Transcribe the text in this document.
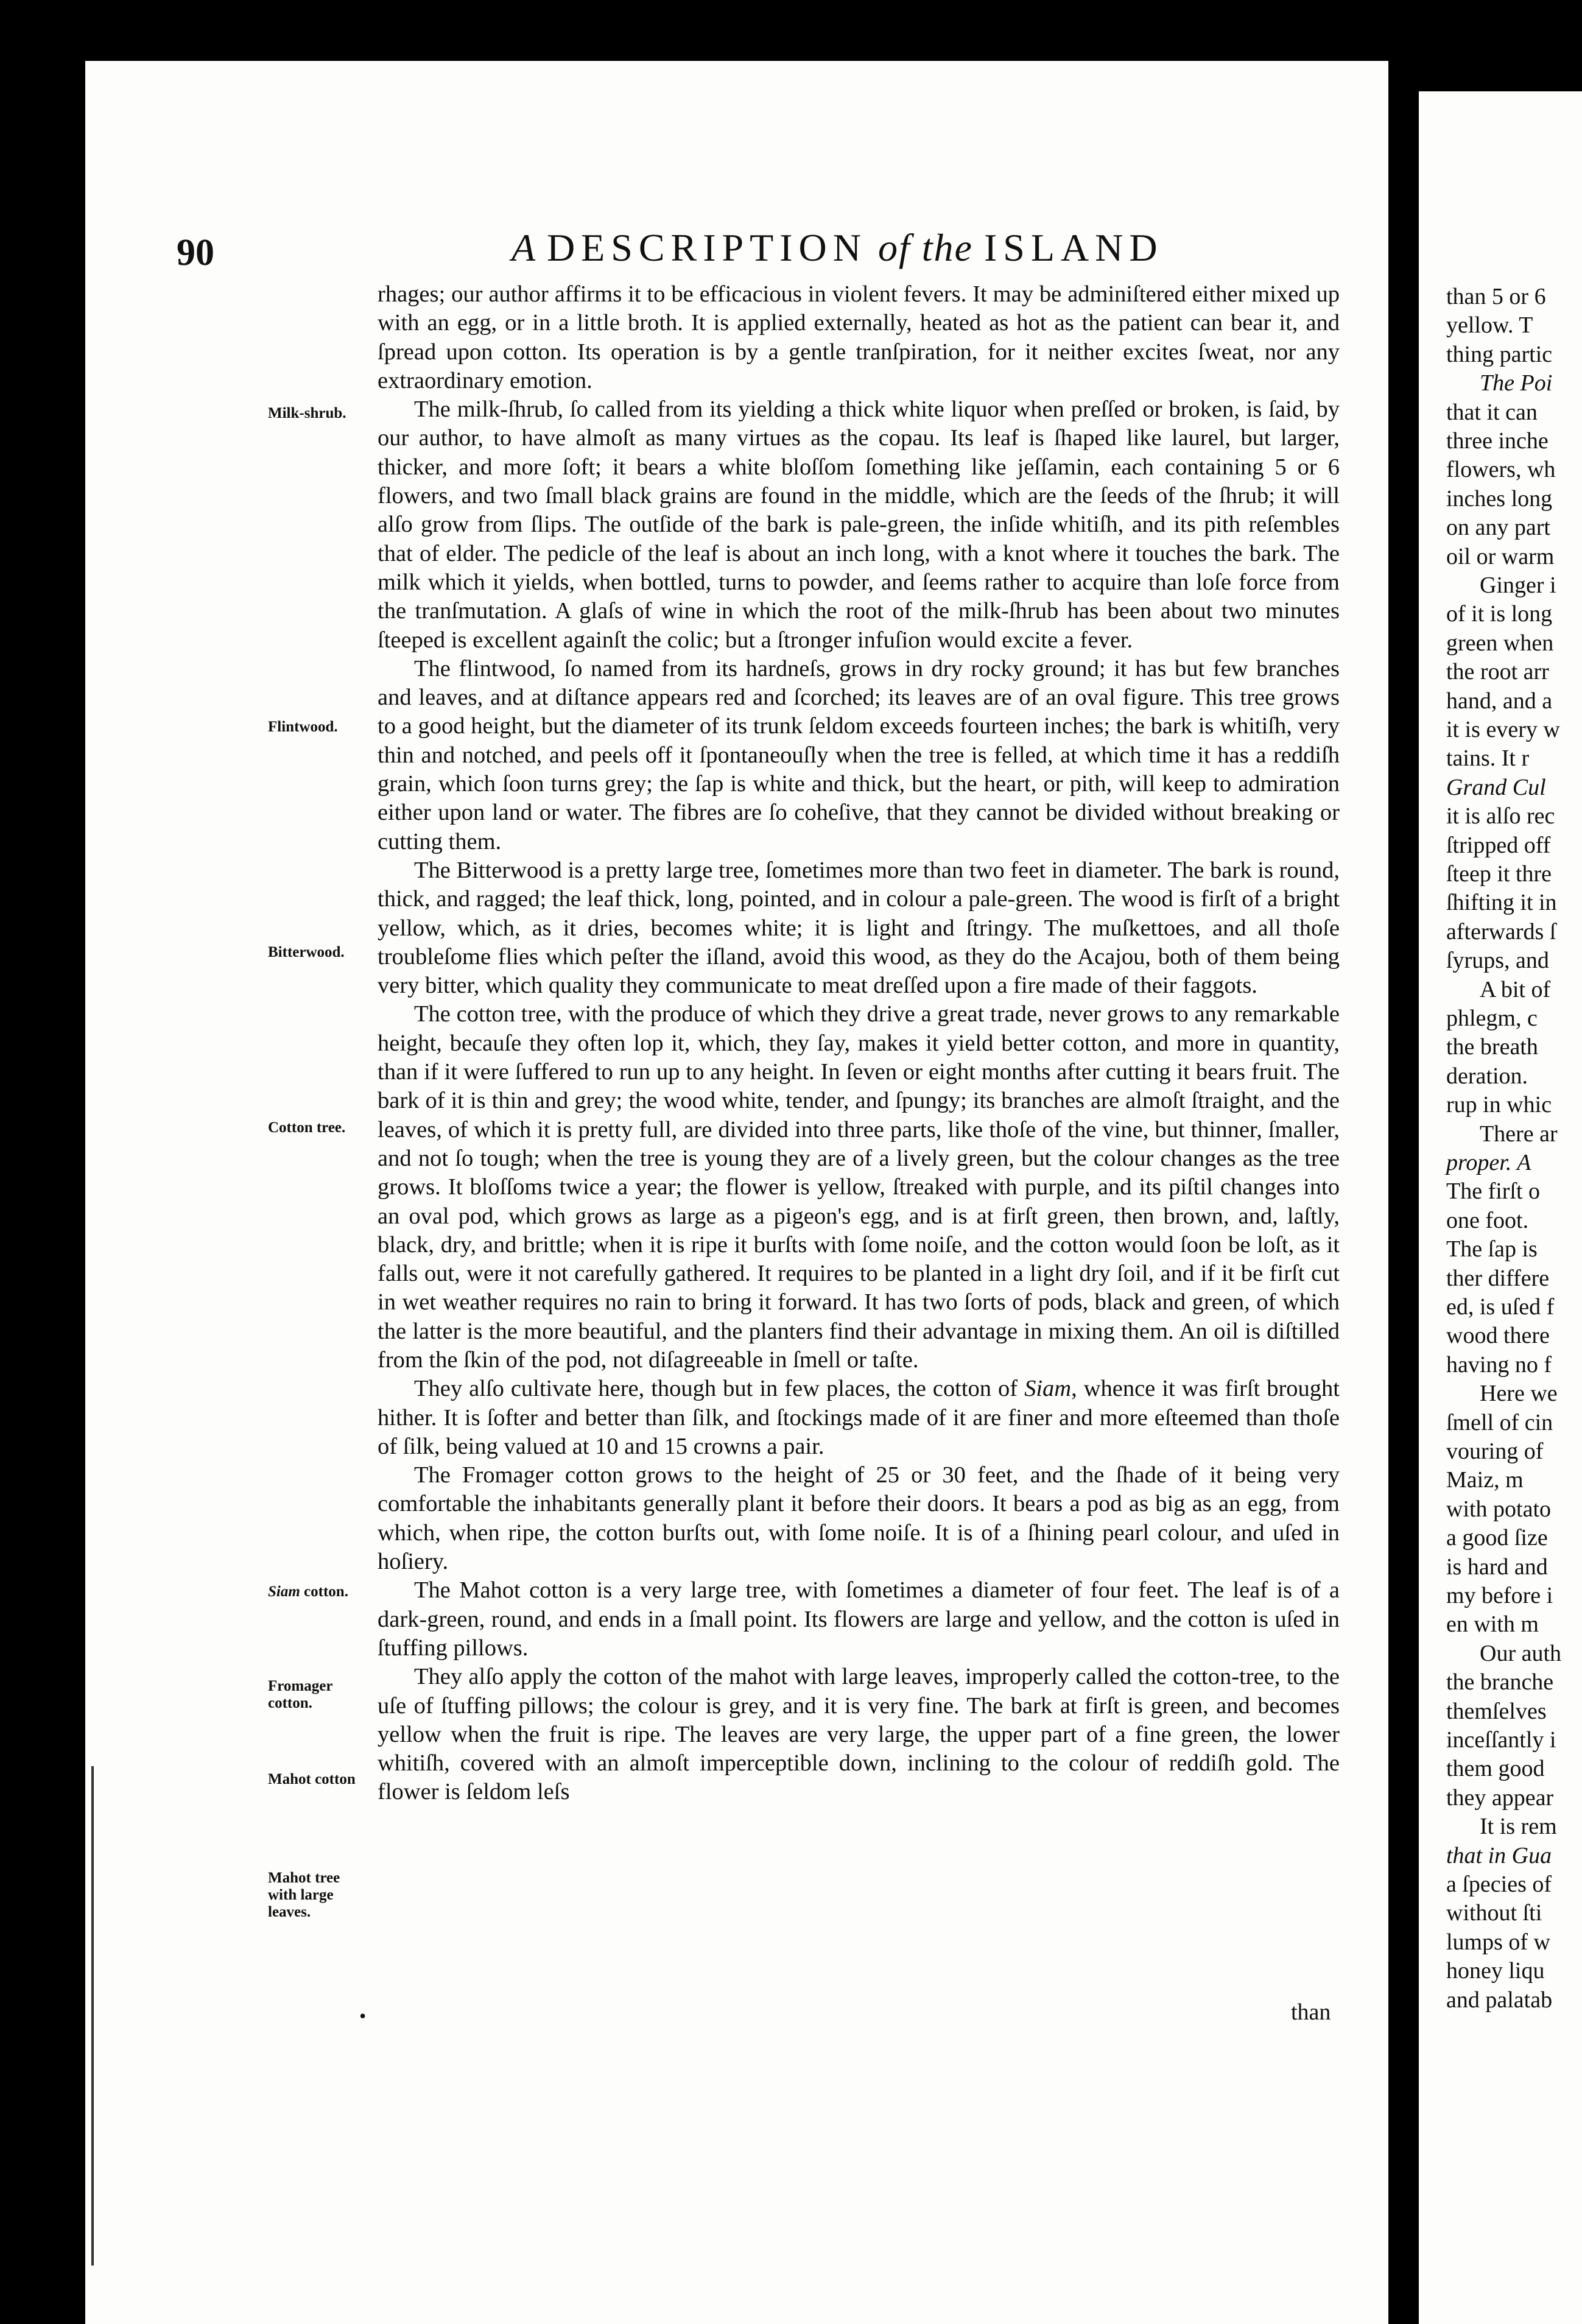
90	A DESCRIPTION of the ISLAND
Milk-shrub.
Flintwood.
Bitterwood.
Cotton tree.
Siam cotton.
Fromager cotton.
Mahot cotton
Mahot tree with large leaves.

rhages; our author affirms it to be efficacious in violent fevers. It may be adminiſtered either mixed up with an egg, or in a little broth. It is applied externally, heated as hot as the patient can bear it, and ſpread upon cotton. Its operation is by a gentle tranſpiration, for it neither excites ſweat, nor any extraordinary emotion.

The milk-ſhrub, ſo called from its yielding a thick white liquor when preſſed or broken, is ſaid, by our author, to have almoſt as many virtues as the copau. Its leaf is ſhaped like laurel, but larger, thicker, and more ſoft; it bears a white bloſſom ſomething like jeſſamin, each containing 5 or 6 flowers, and two ſmall black grains are found in the middle, which are the ſeeds of the ſhrub; it will alſo grow from ſlips. The outſide of the bark is pale-green, the inſide whitiſh, and its pith reſembles that of elder. The pedicle of the leaf is about an inch long, with a knot where it touches the bark. The milk which it yields, when bottled, turns to powder, and ſeems rather to acquire than loſe force from the tranſmutation. A glaſs of wine in which the root of the milk-ſhrub has been about two minutes ſteeped is excellent againſt the colic; but a ſtronger infuſion would excite a fever.

The flintwood, ſo named from its hardneſs, grows in dry rocky ground; it has but few branches and leaves, and at diſtance appears red and ſcorched; its leaves are of an oval figure. This tree grows to a good height, but the diameter of its trunk ſeldom exceeds fourteen inches; the bark is whitiſh, very thin and notched, and peels off it ſpontaneouſly when the tree is felled, at which time it has a reddiſh grain, which ſoon turns grey; the ſap is white and thick, but the heart, or pith, will keep to admiration either upon land or water. The fibres are ſo coheſive, that they cannot be divided without breaking or cutting them.

The Bitterwood is a pretty large tree, ſometimes more than two feet in diameter. The bark is round, thick, and ragged; the leaf thick, long, pointed, and in colour a pale-green. The wood is firſt of a bright yellow, which, as it dries, becomes white; it is light and ſtringy. The muſkettoes, and all thoſe troubleſome flies which peſter the iſland, avoid this wood, as they do the Acajou, both of them being very bitter, which quality they communicate to meat dreſſed upon a fire made of their faggots.

The cotton tree, with the produce of which they drive a great trade, never grows to any remarkable height, becauſe they often lop it, which, they ſay, makes it yield better cotton, and more in quantity, than if it were ſuffered to run up to any height. In ſeven or eight months after cutting it bears fruit. The bark of it is thin and grey; the wood white, tender, and ſpungy; its branches are almoſt ſtraight, and the leaves, of which it is pretty full, are divided into three parts, like thoſe of the vine, but thinner, ſmaller, and not ſo tough; when the tree is young they are of a lively green, but the colour changes as the tree grows. It bloſſoms twice a year; the flower is yellow, ſtreaked with purple, and its piſtil changes into an oval pod, which grows as large as a pigeon's egg, and is at firſt green, then brown, and, laſtly, black, dry, and brittle; when it is ripe it burſts with ſome noiſe, and the cotton would ſoon be loſt, as it falls out, were it not carefully gathered. It requires to be planted in a light dry ſoil, and if it be firſt cut in wet weather requires no rain to bring it forward. It has two ſorts of pods, black and green, of which the latter is the more beautiful, and the planters find their advantage in mixing them. An oil is diſtilled from the ſkin of the pod, not diſagreeable in ſmell or taſte.

They alſo cultivate here, though but in few places, the cotton of Siam, whence it was firſt brought hither. It is ſofter and better than ſilk, and ſtockings made of it are finer and more eſteemed than thoſe of ſilk, being valued at 10 and 15 crowns a pair.

The Fromager cotton grows to the height of 25 or 30 feet, and the ſhade of it being very comfortable the inhabitants generally plant it before their doors. It bears a pod as big as an egg, from which, when ripe, the cotton burſts out, with ſome noiſe. It is of a ſhining pearl colour, and uſed in hoſiery.

The Mahot cotton is a very large tree, with ſometimes a diameter of four feet. The leaf is of a dark-green, round, and ends in a ſmall point. Its flowers are large and yellow, and the cotton is uſed in ſtuffing pillows.

They alſo apply the cotton of the mahot with large leaves, improperly called the cotton-tree, to the uſe of ſtuffing pillows; the colour is grey, and it is very fine. The bark at firſt is green, and becomes yellow when the fruit is ripe. The leaves are very large, the upper part of a fine green, the lower whitiſh, covered with an almoſt imperceptible down, inclining to the colour of reddiſh gold. The flower is ſeldom leſs

•	than
than 5 or 6
yellow. T
thing partic
The Poi
that it can
three inche
flowers, wh
inches long
on any part
oil or warm
Ginger i
of it is long
green when
the root arr
hand, and a
it is every w
tains. It r
Grand Cul
it is alſo rec
ſtripped off
ſteep it thre
ſhifting it in
afterwards ſ
ſyrups, and
A bit of
phlegm, c
the breath
deration.
rup in whic
There ar
proper. A
The firſt o
one foot.
The ſap is
ther differe
ed, is uſed f
wood there
having no f
Here we
ſmell of cin
vouring of
Maiz, m
with potato
a good ſize
is hard and
my before i
en with m
Our auth
the branche
themſelves
inceſſantly i
them good
they appear
It is rem
that in Gua
a ſpecies of
without ſti
lumps of w
honey liqu
and palatab
